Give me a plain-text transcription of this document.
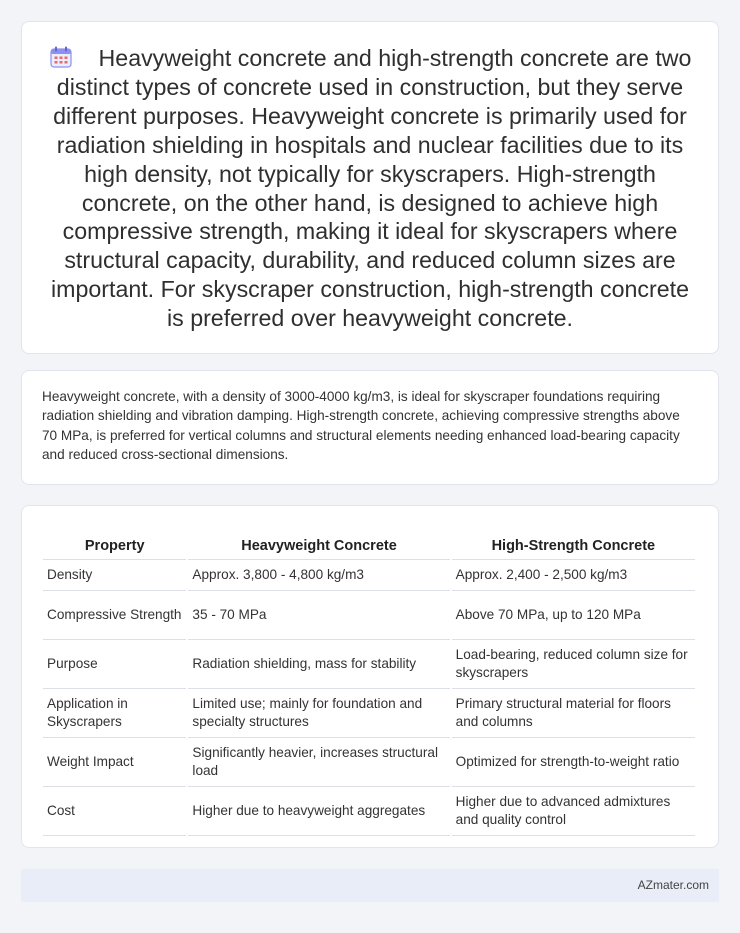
Heavyweight concrete and high-strength concrete are two distinct types of concrete used in construction, but they serve different purposes. Heavyweight concrete is primarily used for radiation shielding in hospitals and nuclear facilities due to its high density, not typically for skyscrapers. High-strength concrete, on the other hand, is designed to achieve high compressive strength, making it ideal for skyscrapers where structural capacity, durability, and reduced column sizes are important. For skyscraper construction, high-strength concrete is preferred over heavyweight concrete.

Heavyweight concrete, with a density of 3000-4000 kg/m3, is ideal for skyscraper foundations requiring radiation shielding and vibration damping. High-strength concrete, achieving compressive strengths above 70 MPa, is preferred for vertical columns and structural elements needing enhanced load-bearing capacity and reduced cross-sectional dimensions.

Property	Heavyweight Concrete	High-Strength Concrete
Density	Approx. 3,800 - 4,800 kg/m3	Approx. 2,400 - 2,500 kg/m3
Compressive Strength	35 - 70 MPa	Above 70 MPa, up to 120 MPa
Purpose	Radiation shielding, mass for stability	Load-bearing, reduced column size for skyscrapers
Application in Skyscrapers	Limited use; mainly for foundation and specialty structures	Primary structural material for floors and columns
Weight Impact	Significantly heavier, increases structural load	Optimized for strength-to-weight ratio
Cost	Higher due to heavyweight aggregates	Higher due to advanced admixtures and quality control
AZmater.com
